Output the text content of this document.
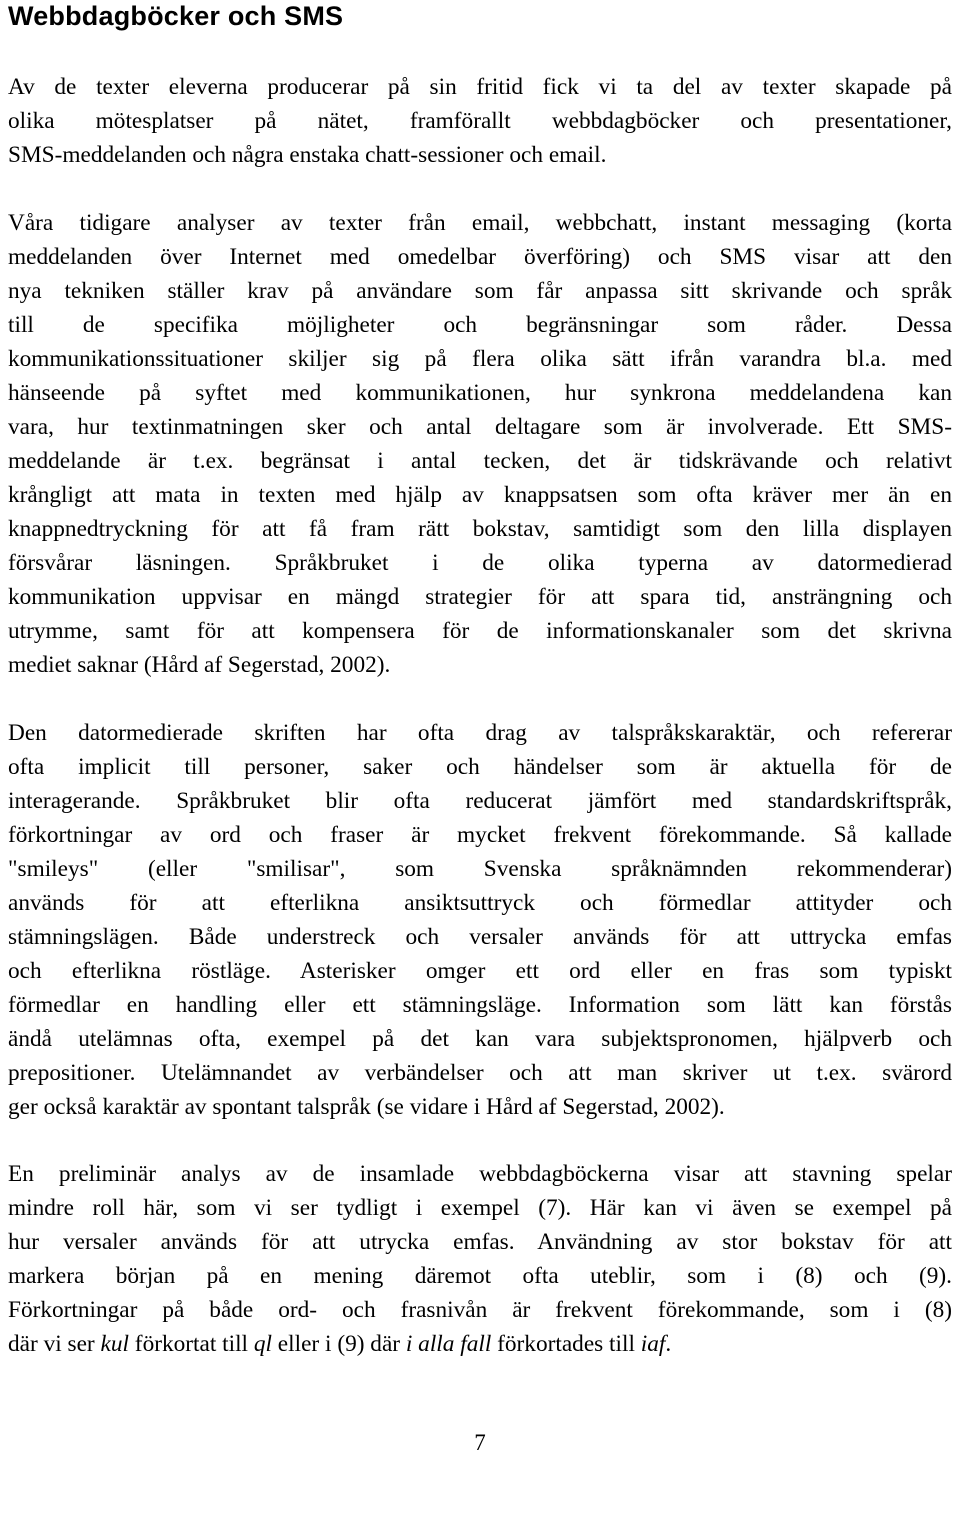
Webbdagböcker och SMS
Av de texter eleverna producerar på sin fritid fick vi ta del av texter skapade på
olika mötesplatser på nätet, framförallt webbdagböcker och presentationer,
SMS-meddelanden och några enstaka chatt-sessioner och email.
Våra tidigare analyser av texter från email, webbchatt, instant messaging (korta
meddelanden över Internet med omedelbar överföring) och SMS visar att den
nya tekniken ställer krav på användare som får anpassa sitt skrivande och språk
till de specifika möjligheter och begränsningar som råder. Dessa
kommunikationssituationer skiljer sig på flera olika sätt ifrån varandra bl.a. med
hänseende på syftet med kommunikationen, hur synkrona meddelandena kan
vara, hur textinmatningen sker och antal deltagare som är involverade. Ett SMS-
meddelande är t.ex. begränsat i antal tecken, det är tidskrävande och relativt
krångligt att mata in texten med hjälp av knappsatsen som ofta kräver mer än en
knappnedtryckning för att få fram rätt bokstav, samtidigt som den lilla displayen
försvårar läsningen. Språkbruket i de olika typerna av datormedierad
kommunikation uppvisar en mängd strategier för att spara tid, ansträngning och
utrymme, samt för att kompensera för de informationskanaler som det skrivna
mediet saknar (Hård af Segerstad, 2002).
Den datormedierade skriften har ofta drag av talspråkskaraktär, och refererar
ofta implicit till personer, saker och händelser som är aktuella för de
interagerande. Språkbruket blir ofta reducerat jämfört med standardskriftspråk,
förkortningar av ord och fraser är mycket frekvent förekommande. Så kallade
"smileys" (eller "smilisar", som Svenska språknämnden rekommenderar)
används för att efterlikna ansiktsuttryck och förmedlar attityder och
stämningslägen. Både understreck och versaler används för att uttrycka emfas
och efterlikna röstläge. Asterisker omger ett ord eller en fras som typiskt
förmedlar en handling eller ett stämningsläge. Information som lätt kan förstås
ändå utelämnas ofta, exempel på det kan vara subjektspronomen, hjälpverb och
prepositioner. Utelämnandet av verbändelser och att man skriver ut t.ex. svärord
ger också karaktär av spontant talspråk (se vidare i Hård af Segerstad, 2002).
En preliminär analys av de insamlade webbdagböckerna visar att stavning spelar
mindre roll här, som vi ser tydligt i exempel (7). Här kan vi även se exempel på
hur versaler används för att utrycka emfas. Användning av stor bokstav för att
markera början på en mening däremot ofta uteblir, som i (8) och (9).
Förkortningar på både ord- och frasnivån är frekvent förekommande, som i (8)
där vi ser kul förkortat till ql eller i (9) där i alla fall förkortades till iaf.
7
